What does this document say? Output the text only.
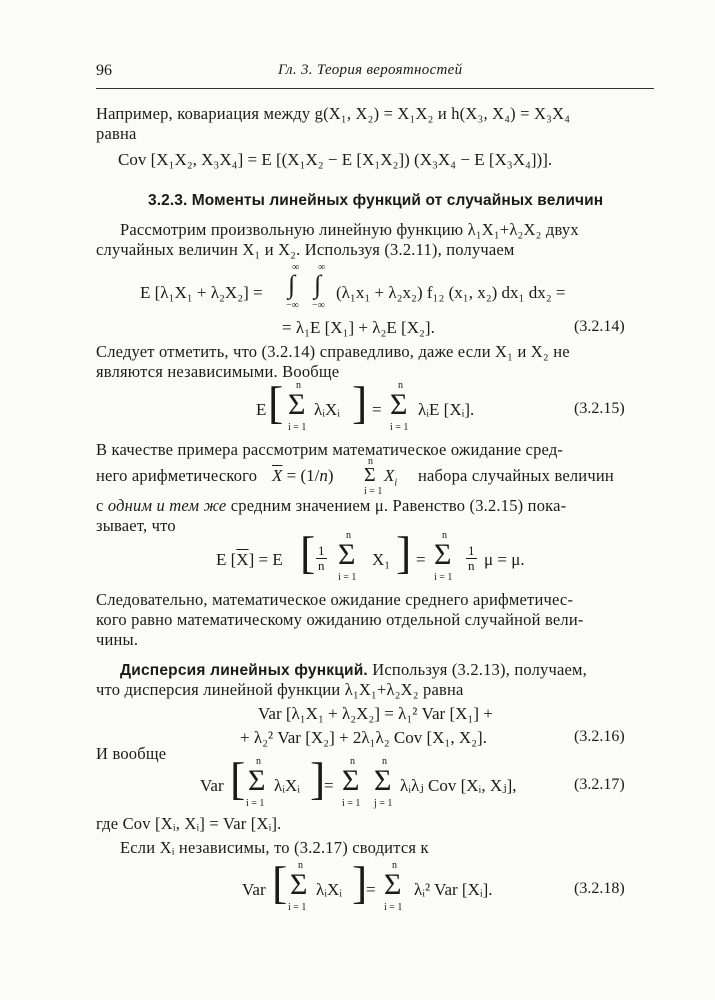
96	Гл. 3. Теория вероятностей
Например, ковариация между g(X₁, X₂) = X₁X₂ и h(X₃, X₄) = X₃X₄
равна
Cov [X₁X₂, X₃X₄] = E [(X₁X₂ − E [X₁X₂]) (X₃X₄ − E [X₃X₄])].
3.2.3. Моменты линейных функций от случайных величин
Рассмотрим произвольную линейную функцию λ₁X₁+λ₂X₂ двух
случайных величин X₁ и X₂. Используя (3.2.11), получаем
E [λ₁X₁ + λ₂X₂] =
∞ ∞
∫ ∫
−∞ −∞
(λ₁x₁ + λ₂x₂) f₁₂ (x₁, x₂) dx₁ dx₂ =
= λ₁E [X₁] + λ₂E [X₂].	(3.2.14)
Следует отметить, что (3.2.14) справедливо, даже если X₁ и X₂ не
являются независимыми. Вообще
E [ n
Σ
i = 1
λᵢXᵢ ] =
n
Σ
i = 1
λᵢE [Xᵢ].	(3.2.15)
В качестве примера рассмотрим математическое ожидание сред-
него арифметического $\overline{X} = (1/n)$
n
Σ
i = 1
$X_i$ набора случайных величин
с одним и тем же средним значением μ. Равенство (3.2.15) пока-
зывает, что
E $[\overline{X}] = E$ [ $\frac{1}{n}$
n
Σ
i = 1
X₁ ] =
n
Σ
i = 1
$\frac{1}{n}$ μ = μ.
Следовательно, математическое ожидание среднего арифметичес-
кого равно математическому ожиданию отдельной случайной вели-
чины.
Дисперсия линейных функций. Используя (3.2.13), получаем,
что дисперсия линейной функции λ₁X₁+λ₂X₂ равна
Var [λ₁X₁ + λ₂X₂] = λ₁² Var [X₁] +
+ λ₂² Var [X₂] + 2λ₁λ₂ Cov [X₁, X₂].	(3.2.16)
И вообще
Var [ n
Σ
i = 1
λᵢXᵢ ]
=
n
Σ
i = 1
n
Σ
j = 1
λᵢλⱼ Cov [Xᵢ, Xⱼ],	(3.2.17)
где Cov [Xᵢ, Xᵢ] = Var [Xᵢ].
Если Xᵢ независимы, то (3.2.17) сводится к
Var [ n
Σ
i = 1
λᵢXᵢ ]
=
n
Σ
i = 1
λᵢ² Var [Xᵢ].	(3.2.18)
